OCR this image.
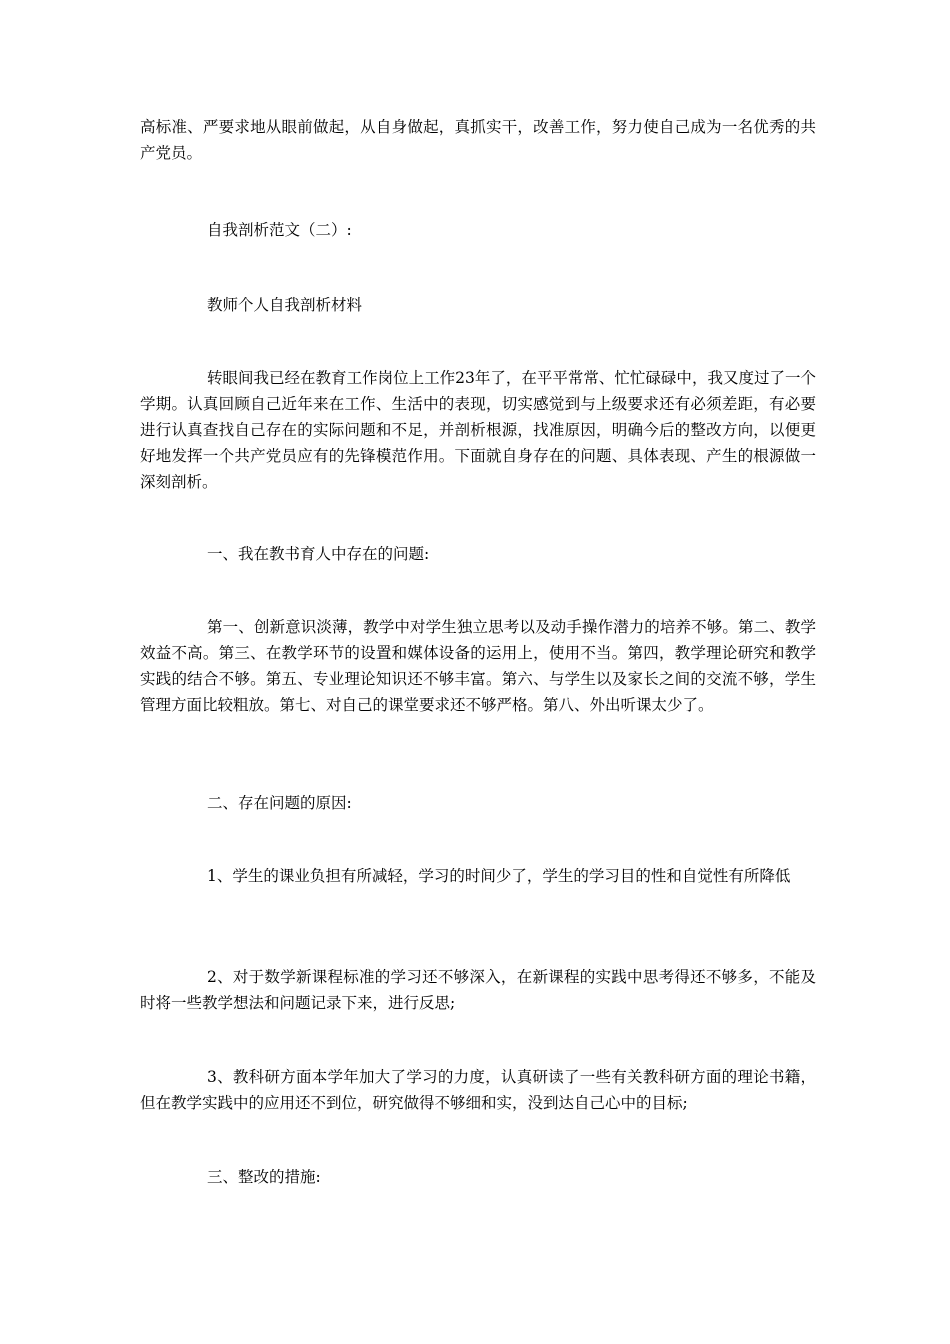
高标准、严要求地从眼前做起，从自身做起，真抓实干，改善工作，努力使自己成为一名优秀的共产党员。

自我剖析范文（二）:

教师个人自我剖析材料

转眼间我已经在教育工作岗位上工作23年了，在平平常常、忙忙碌碌中，我又度过了一个学期。认真回顾自己近年来在工作、生活中的表现，切实感觉到与上级要求还有必须差距，有必要进行认真查找自己存在的实际问题和不足，并剖析根源，找准原因，明确今后的整改方向，以便更好地发挥一个共产党员应有的先锋模范作用。下面就自身存在的问题、具体表现、产生的根源做一深刻剖析。

一、我在教书育人中存在的问题:

第一、创新意识淡薄，教学中对学生独立思考以及动手操作潜力的培养不够。第二、教学效益不高。第三、在教学环节的设置和媒体设备的运用上，使用不当。第四，教学理论研究和教学实践的结合不够。第五、专业理论知识还不够丰富。第六、与学生以及家长之间的交流不够，学生管理方面比较粗放。第七、对自己的课堂要求还不够严格。第八、外出听课太少了。

二、存在问题的原因:

1、学生的课业负担有所减轻，学习的时间少了，学生的学习目的性和自觉性有所降低

2、对于数学新课程标准的学习还不够深入，在新课程的实践中思考得还不够多，不能及时将一些教学想法和问题记录下来，进行反思;

3、教科研方面本学年加大了学习的力度，认真研读了一些有关教科研方面的理论书籍，但在教学实践中的应用还不到位，研究做得不够细和实，没到达自己心中的目标;

三、整改的措施:
